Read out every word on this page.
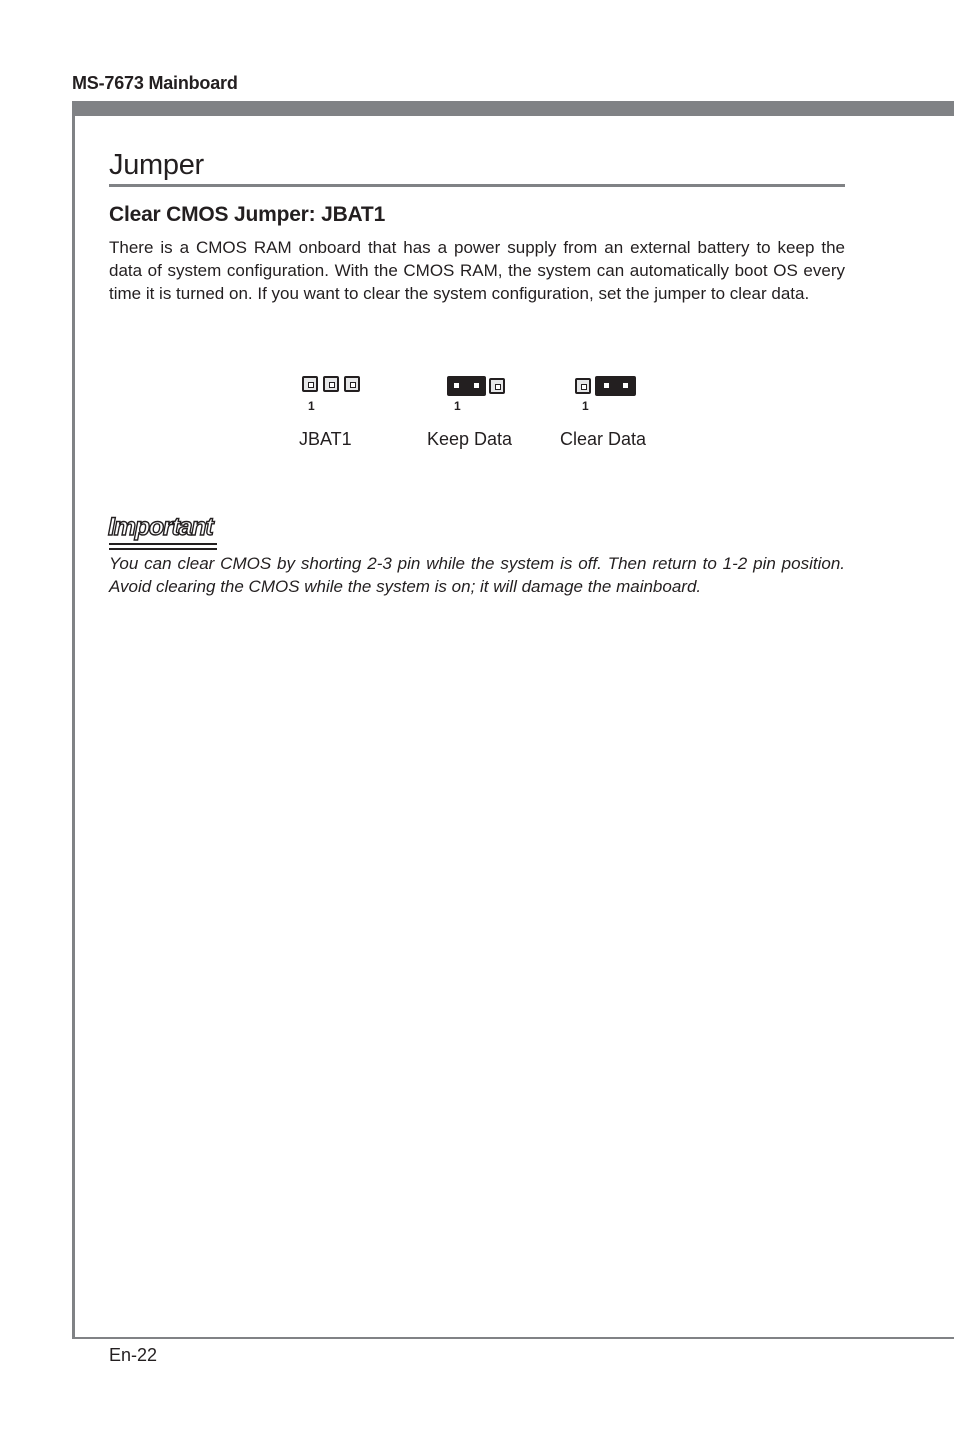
MS-7673 Mainboard
Jumper
Clear CMOS Jumper: JBAT1
There is a CMOS RAM onboard that has a power supply from an external battery to keep the data of system configuration. With the CMOS RAM, the system can automatically boot OS every time it is turned on. If you want to clear the system configuration, set the jumper to clear data.
1
JBAT1
1
Keep Data
1
Clear Data
Important
You can clear CMOS by shorting 2-3 pin while the system is off. Then return to 1-2 pin position. Avoid clearing the CMOS while the system is on; it will damage the mainboard.
En-22
